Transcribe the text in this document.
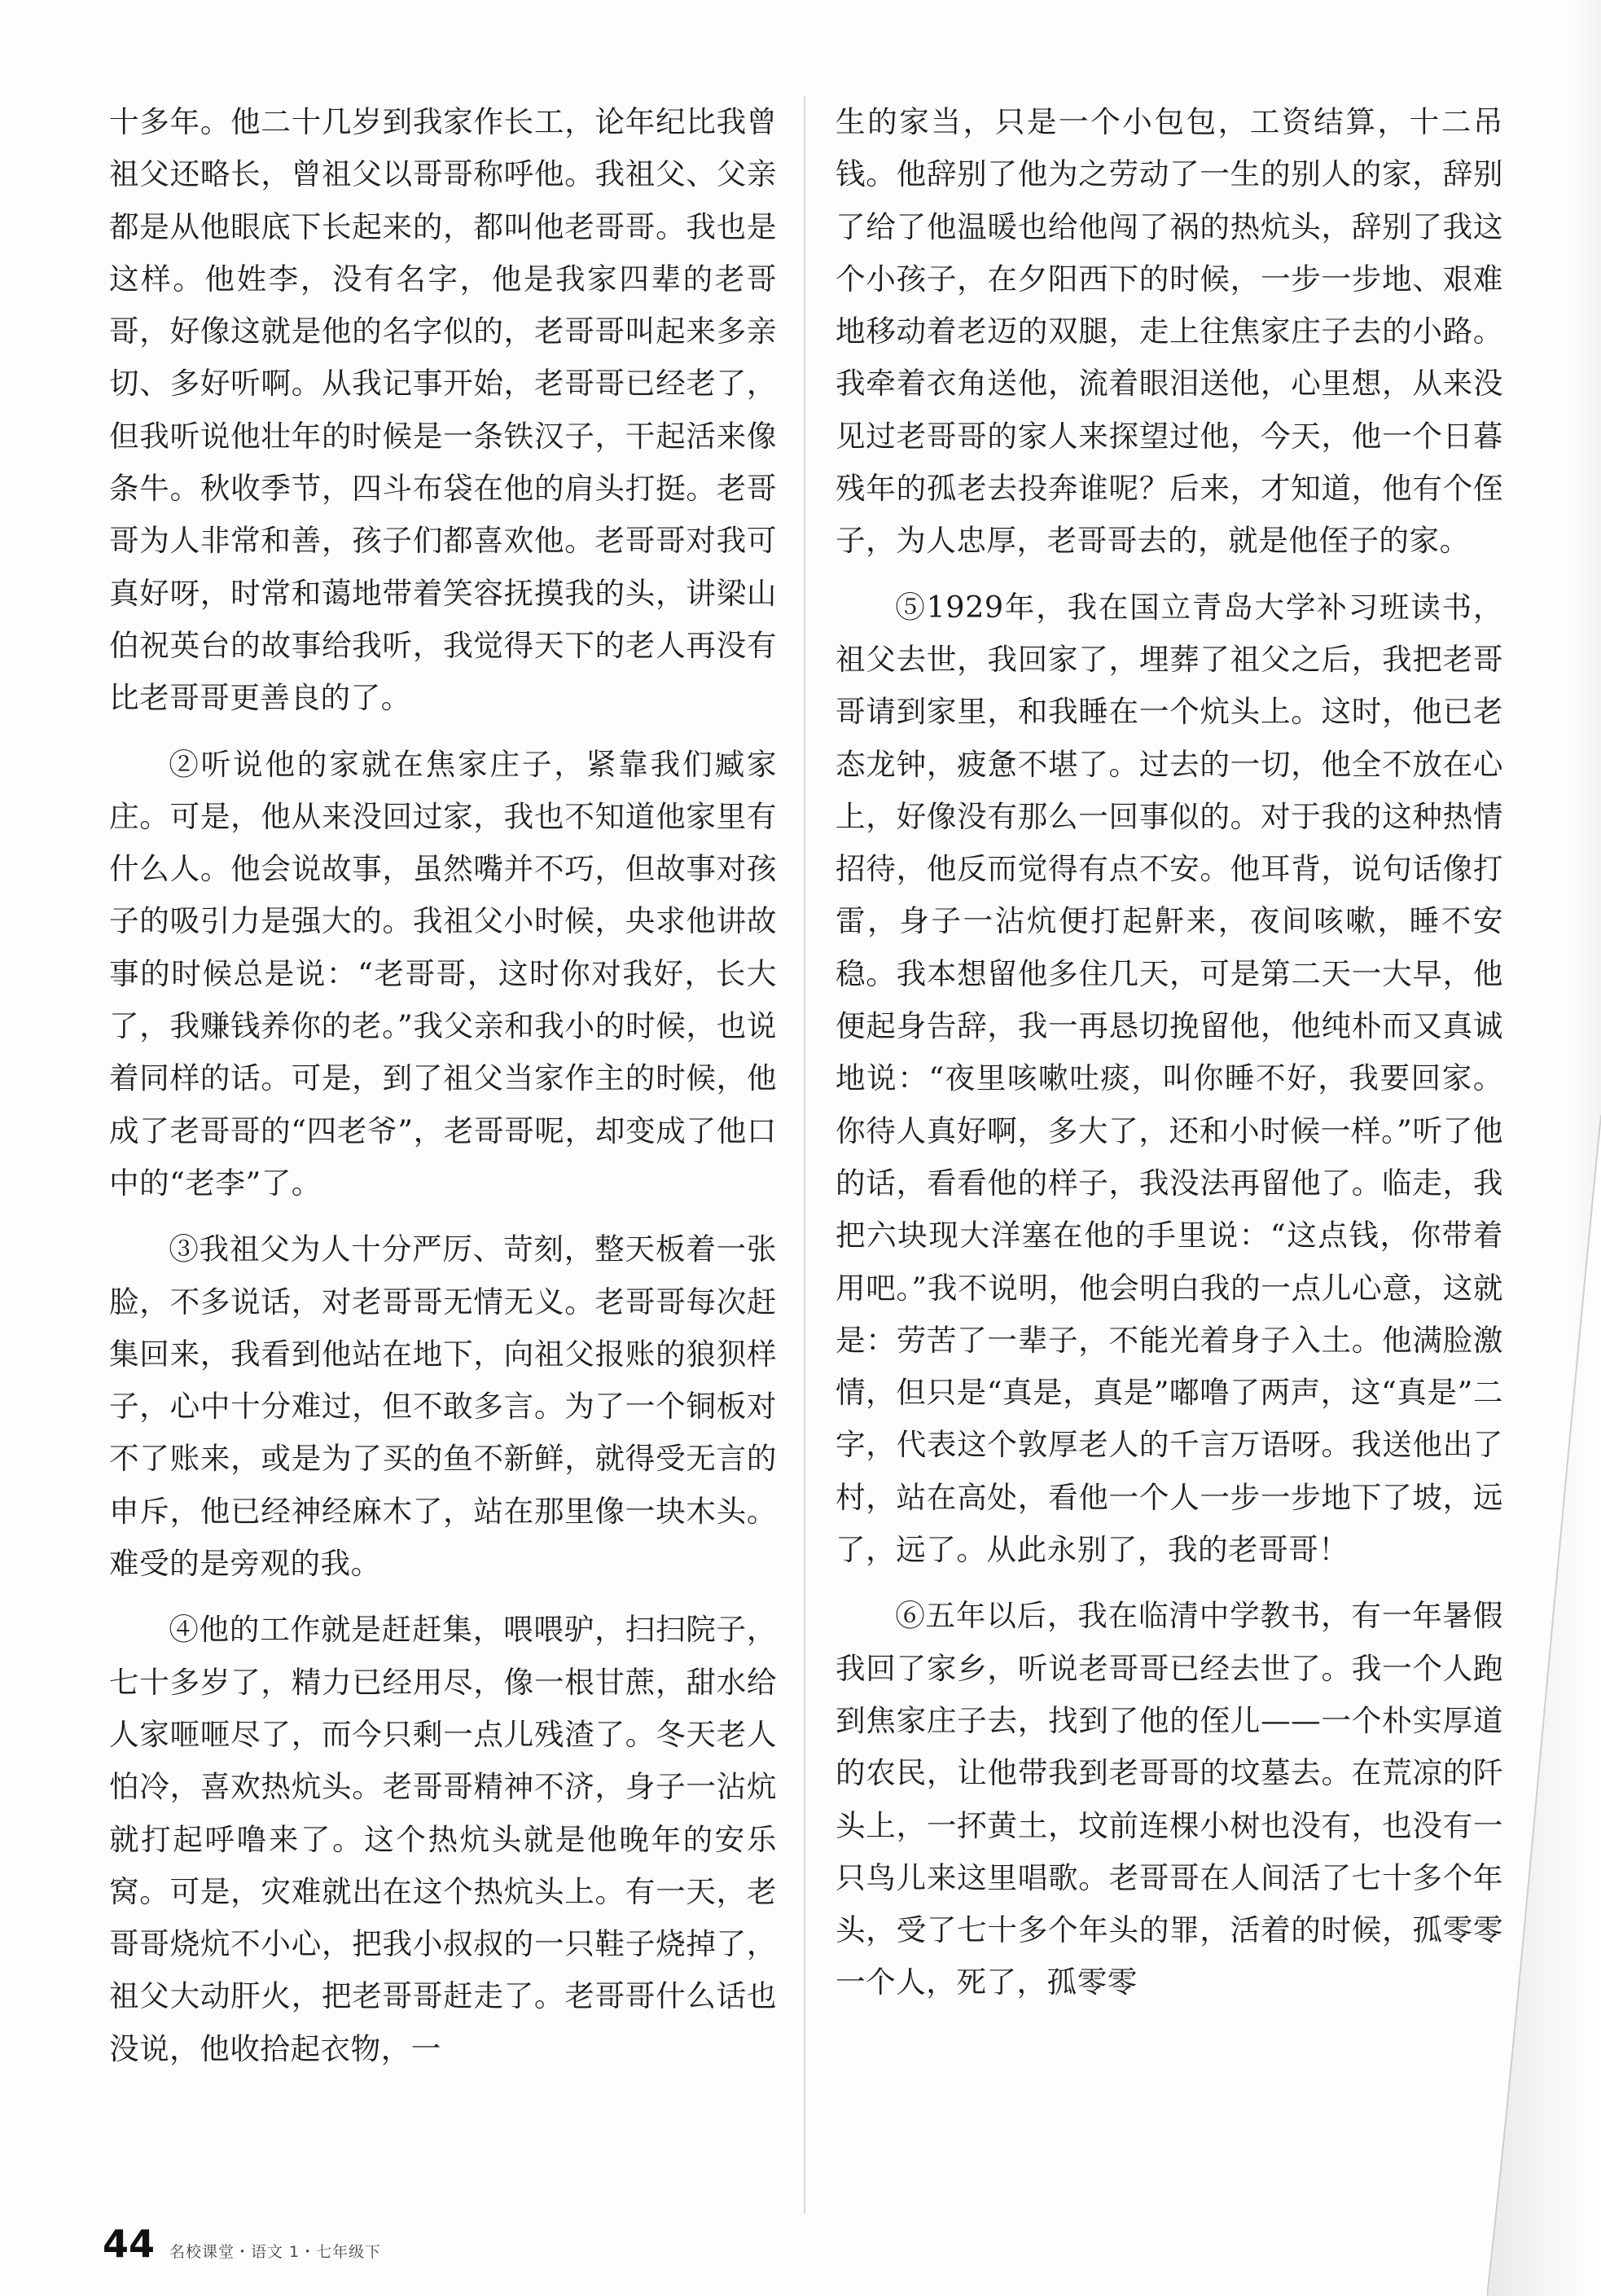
十多年。他二十几岁到我家作长工，论年纪比我曾祖父还略长，曾祖父以哥哥称呼他。我祖父、父亲都是从他眼底下长起来的，都叫他老哥哥。我也是这样。他姓李，没有名字，他是我家四辈的老哥哥，好像这就是他的名字似的，老哥哥叫起来多亲切、多好听啊。从我记事开始，老哥哥已经老了，但我听说他壮年的时候是一条铁汉子，干起活来像条牛。秋收季节，四斗布袋在他的肩头打挺。老哥哥为人非常和善，孩子们都喜欢他。老哥哥对我可真好呀，时常和蔼地带着笑容抚摸我的头，讲梁山伯祝英台的故事给我听，我觉得天下的老人再没有比老哥哥更善良的了。

②听说他的家就在焦家庄子，紧靠我们臧家庄。可是，他从来没回过家，我也不知道他家里有什么人。他会说故事，虽然嘴并不巧，但故事对孩子的吸引力是强大的。我祖父小时候，央求他讲故事的时候总是说：“老哥哥，这时你对我好，长大了，我赚钱养你的老。”我父亲和我小的时候，也说着同样的话。可是，到了祖父当家作主的时候，他成了老哥哥的“四老爷”，老哥哥呢，却变成了他口中的“老李”了。

③我祖父为人十分严厉、苛刻，整天板着一张脸，不多说话，对老哥哥无情无义。老哥哥每次赶集回来，我看到他站在地下，向祖父报账的狼狈样子，心中十分难过，但不敢多言。为了一个铜板对不了账来，或是为了买的鱼不新鲜，就得受无言的申斥，他已经神经麻木了，站在那里像一块木头。难受的是旁观的我。

④他的工作就是赶赶集，喂喂驴，扫扫院子，七十多岁了，精力已经用尽，像一根甘蔗，甜水给人家咂咂尽了，而今只剩一点儿残渣了。冬天老人怕冷，喜欢热炕头。老哥哥精神不济，身子一沾炕就打起呼噜来了。这个热炕头就是他晚年的安乐窝。可是，灾难就出在这个热炕头上。有一天，老哥哥烧炕不小心，把我小叔叔的一只鞋子烧掉了，祖父大动肝火，把老哥哥赶走了。老哥哥什么话也没说，他收拾起衣物，一

生的家当，只是一个小包包，工资结算，十二吊钱。他辞别了他为之劳动了一生的别人的家，辞别了给了他温暖也给他闯了祸的热炕头，辞别了我这个小孩子，在夕阳西下的时候，一步一步地、艰难地移动着老迈的双腿，走上往焦家庄子去的小路。我牵着衣角送他，流着眼泪送他，心里想，从来没见过老哥哥的家人来探望过他，今天，他一个日暮残年的孤老去投奔谁呢？后来，才知道，他有个侄子，为人忠厚，老哥哥去的，就是他侄子的家。

⑤1929年，我在国立青岛大学补习班读书，祖父去世，我回家了，埋葬了祖父之后，我把老哥哥请到家里，和我睡在一个炕头上。这时，他已老态龙钟，疲惫不堪了。过去的一切，他全不放在心上，好像没有那么一回事似的。对于我的这种热情招待，他反而觉得有点不安。他耳背，说句话像打雷，身子一沾炕便打起鼾来，夜间咳嗽，睡不安稳。我本想留他多住几天，可是第二天一大早，他便起身告辞，我一再恳切挽留他，他纯朴而又真诚地说：“夜里咳嗽吐痰，叫你睡不好，我要回家。你待人真好啊，多大了，还和小时候一样。”听了他的话，看看他的样子，我没法再留他了。临走，我把六块现大洋塞在他的手里说：“这点钱，你带着用吧。”我不说明，他会明白我的一点儿心意，这就是：劳苦了一辈子，不能光着身子入土。他满脸激情，但只是“真是，真是”嘟噜了两声，这“真是”二字，代表这个敦厚老人的千言万语呀。我送他出了村，站在高处，看他一个人一步一步地下了坡，远了，远了。从此永别了，我的老哥哥！

⑥五年以后，我在临清中学教书，有一年暑假我回了家乡，听说老哥哥已经去世了。我一个人跑到焦家庄子去，找到了他的侄儿——一个朴实厚道的农民，让他带我到老哥哥的坟墓去。在荒凉的阡头上，一抔黄土，坟前连棵小树也没有，也没有一只鸟儿来这里唱歌。老哥哥在人间活了七十多个年头，受了七十多个年头的罪，活着的时候，孤零零一个人，死了，孤零零

44 名校课堂・语文 1・七年级下
